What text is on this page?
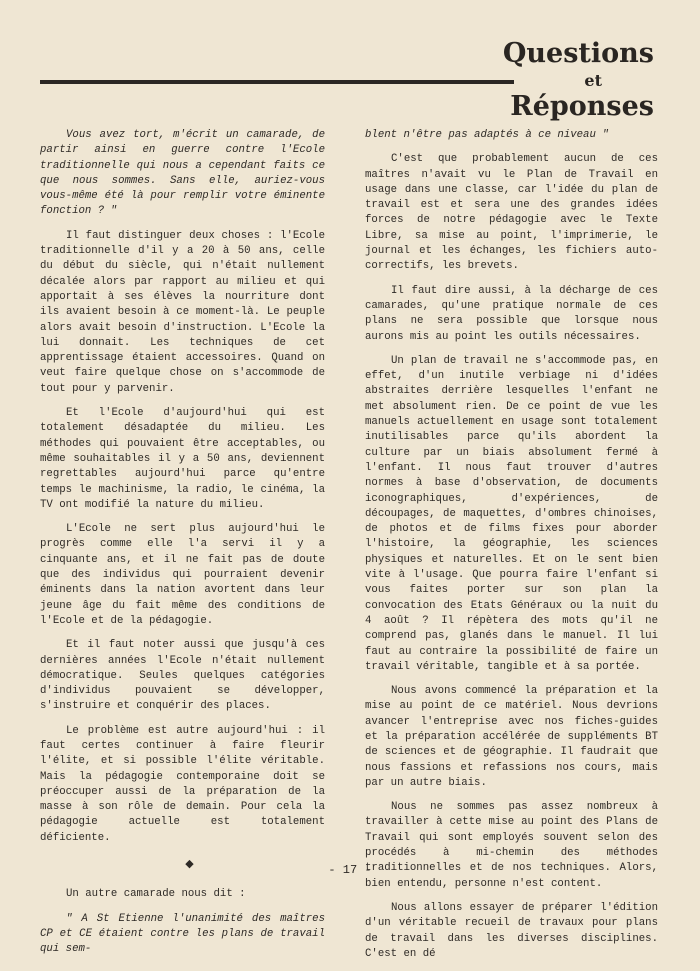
Questions
et
Réponses

Vous avez tort, m'écrit un camarade, de partir ainsi en guerre contre l'Ecole traditionnelle qui nous a cependant faits ce que nous sommes. Sans elle, auriez-vous vous-même été là pour remplir votre éminente fonction ? "

Il faut distinguer deux choses : l'Ecole traditionnelle d'il y a 20 à 50 ans, celle du début du siècle, qui n'était nullement décalée alors par rapport au milieu et qui apportait à ses élèves la nourriture dont ils avaient besoin à ce moment-là. Le peuple alors avait besoin d'instruction. L'Ecole la lui donnait. Les techniques de cet apprentissage étaient accessoires. Quand on veut faire quelque chose on s'accommode de tout pour y parvenir.

Et l'Ecole d'aujourd'hui qui est totalement désadaptée du milieu. Les méthodes qui pouvaient être acceptables, ou même souhaitables il y a 50 ans, deviennent regrettables aujourd'hui parce qu'entre temps le machinisme, la radio, le cinéma, la TV ont modifié la nature du milieu.

L'Ecole ne sert plus aujourd'hui le progrès comme elle l'a servi il y a cinquante ans, et il ne fait pas de doute que des individus qui pourraient devenir éminents dans la nation avortent dans leur jeune âge du fait même des conditions de l'Ecole et de la pédagogie.

Et il faut noter aussi que jusqu'à ces dernières années l'Ecole n'était nullement démocratique. Seules quelques catégories d'individus pouvaient se développer, s'instruire et conquérir des places.

Le problème est autre aujourd'hui : il faut certes continuer à faire fleurir l'élite, et si possible l'élite véritable. Mais la pédagogie contemporaine doit se préoccuper aussi de la préparation de la masse à son rôle de demain. Pour cela la pédagogie actuelle est totalement déficiente.

◆

Un autre camarade nous dit :

" A St Etienne l'unanimité des maîtres CP et CE étaient contre les plans de travail qui sem-

blent n'être pas adaptés à ce niveau "

C'est que probablement aucun de ces maîtres n'avait vu le Plan de Travail en usage dans une classe, car l'idée du plan de travail est et sera une des grandes idées forces de notre pédagogie avec le Texte Libre, sa mise au point, l'imprimerie, le journal et les échanges, les fichiers auto-correctifs, les brevets.

Il faut dire aussi, à la décharge de ces camarades, qu'une pratique normale de ces plans ne sera possible que lorsque nous aurons mis au point les outils nécessaires.

Un plan de travail ne s'accommode pas, en effet, d'un inutile verbiage ni d'idées abstraites derrière lesquelles l'enfant ne met absolument rien. De ce point de vue les manuels actuellement en usage sont totalement inutilisables parce qu'ils abordent la culture par un biais absolument fermé à l'enfant. Il nous faut trouver d'autres normes à base d'observation, de documents iconographiques, d'expériences, de découpages, de maquettes, d'ombres chinoises, de photos et de films fixes pour aborder l'histoire, la géographie, les sciences physiques et naturelles. Et on le sent bien vite à l'usage. Que pourra faire l'enfant si vous faites porter sur son plan la convocation des Etats Généraux ou la nuit du 4 août ? Il répètera des mots qu'il ne comprend pas, glanés dans le manuel. Il lui faut au contraire la possibilité de faire un travail véritable, tangible et à sa portée.

Nous avons commencé la préparation et la mise au point de ce matériel. Nous devrions avancer l'entreprise avec nos fiches-guides et la préparation accélérée de suppléments BT de sciences et de géographie. Il faudrait que nous fassions et refassions nos cours, mais par un autre biais.

Nous ne sommes pas assez nombreux à travailler à cette mise au point des Plans de Travail qui sont employés souvent selon des procédés à mi-chemin des méthodes traditionnelles et de nos techniques. Alors, bien entendu, personne n'est content.

Nous allons essayer de préparer l'édition d'un véritable recueil de travaux pour plans de travail dans les diverses disciplines. C'est en dé

- 17 -
